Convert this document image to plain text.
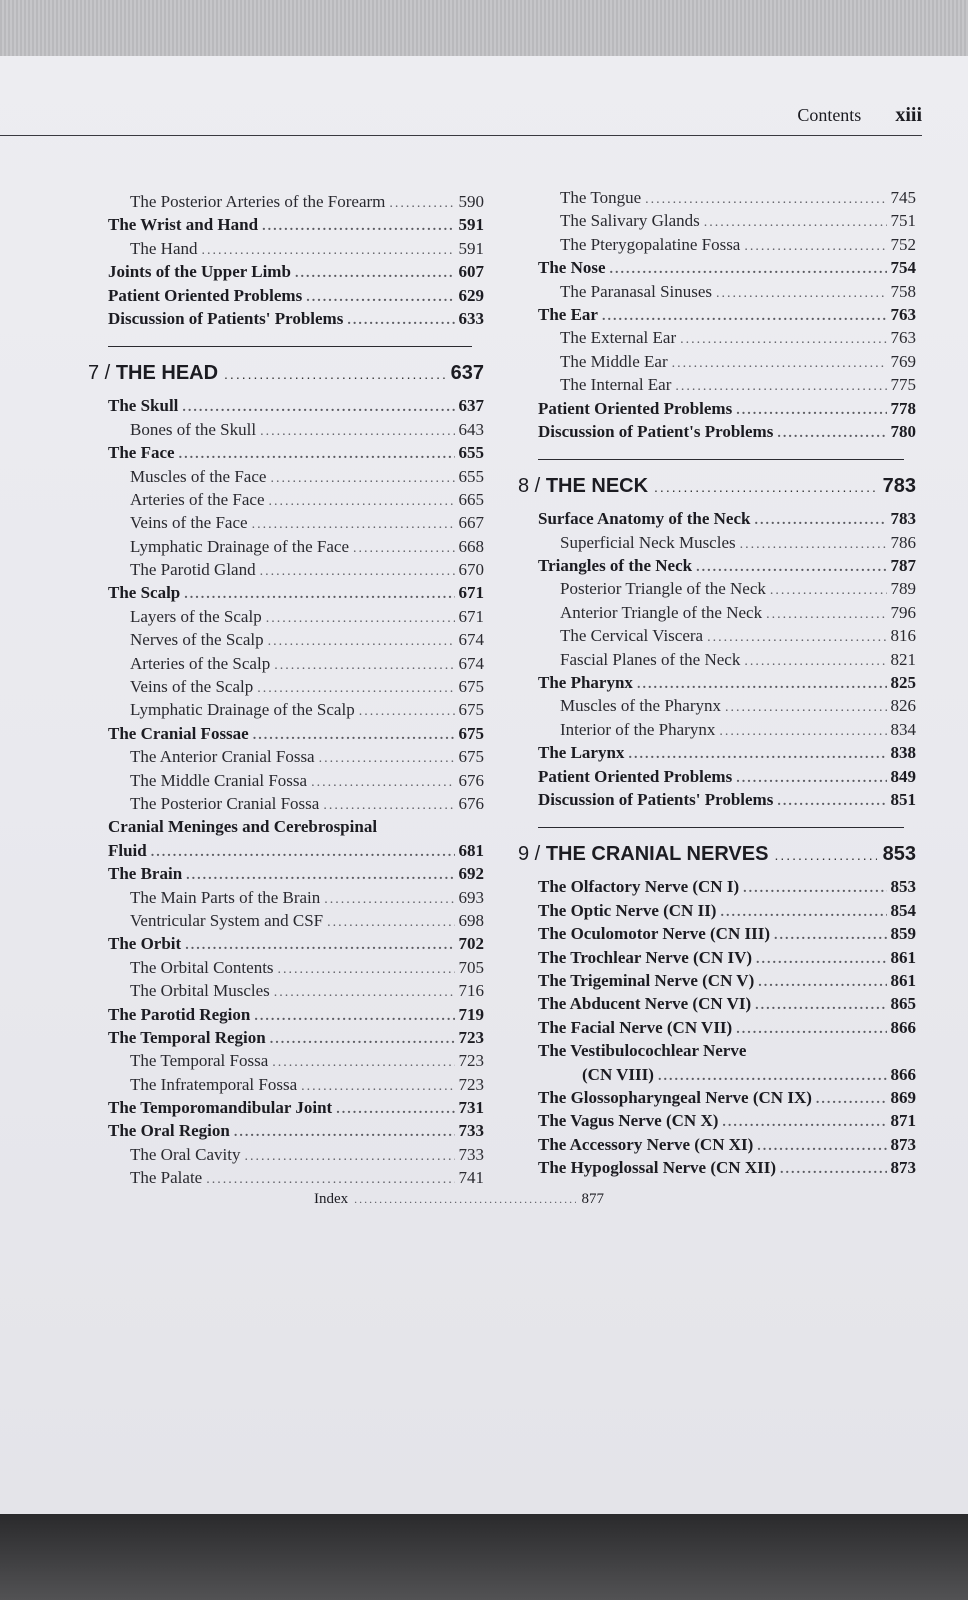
Contents xiii
The Posterior Arteries of the Forearm .....	590
The Wrist and Hand .....	591
The Hand .....	591
Joints of the Upper Limb .....	607
Patient Oriented Problems .....	629
Discussion of Patients' Problems .....	633
7 / THE HEAD .....	637
The Skull .....	637
Bones of the Skull .....	643
The Face .....	655
Muscles of the Face .....	655
Arteries of the Face .....	665
Veins of the Face .....	667
Lymphatic Drainage of the Face .....	668
The Parotid Gland .....	670
The Scalp .....	671
Layers of the Scalp .....	671
Nerves of the Scalp .....	674
Arteries of the Scalp .....	674
Veins of the Scalp .....	675
Lymphatic Drainage of the Scalp .....	675
The Cranial Fossae .....	675
The Anterior Cranial Fossa .....	675
The Middle Cranial Fossa .....	676
The Posterior Cranial Fossa .....	676
Cranial Meninges and Cerebrospinal
Fluid .....	681
The Brain .....	692
The Main Parts of the Brain .....	693
Ventricular System and CSF .....	698
The Orbit .....	702
The Orbital Contents .....	705
The Orbital Muscles .....	716
The Parotid Region .....	719
The Temporal Region .....	723
The Temporal Fossa .....	723
The Infratemporal Fossa .....	723
The Temporomandibular Joint .....	731
The Oral Region .....	733
The Oral Cavity .....	733
The Palate .....	741
The Tongue .....	745
The Salivary Glands .....	751
The Pterygopalatine Fossa .....	752
The Nose .....	754
The Paranasal Sinuses .....	758
The Ear .....	763
The External Ear .....	763
The Middle Ear .....	769
The Internal Ear .....	775
Patient Oriented Problems .....	778
Discussion of Patient's Problems .....	780
8 / THE NECK .....	783
Surface Anatomy of the Neck .....	783
Superficial Neck Muscles .....	786
Triangles of the Neck .....	787
Posterior Triangle of the Neck .....	789
Anterior Triangle of the Neck .....	796
The Cervical Viscera .....	816
Fascial Planes of the Neck .....	821
The Pharynx .....	825
Muscles of the Pharynx .....	826
Interior of the Pharynx .....	834
The Larynx .....	838
Patient Oriented Problems .....	849
Discussion of Patients' Problems .....	851
9 / THE CRANIAL NERVES .....	853
The Olfactory Nerve (CN I) .....	853
The Optic Nerve (CN II) .....	854
The Oculomotor Nerve (CN III) .....	859
The Trochlear Nerve (CN IV) .....	861
The Trigeminal Nerve (CN V) .....	861
The Abducent Nerve (CN VI) .....	865
The Facial Nerve (CN VII) .....	866
The Vestibulocochlear Nerve
(CN VIII) .....	866
The Glossopharyngeal Nerve (CN IX) .....	869
The Vagus Nerve (CN X) .....	871
The Accessory Nerve (CN XI) .....	873
The Hypoglossal Nerve (CN XII) .....	873
Index .....	877
